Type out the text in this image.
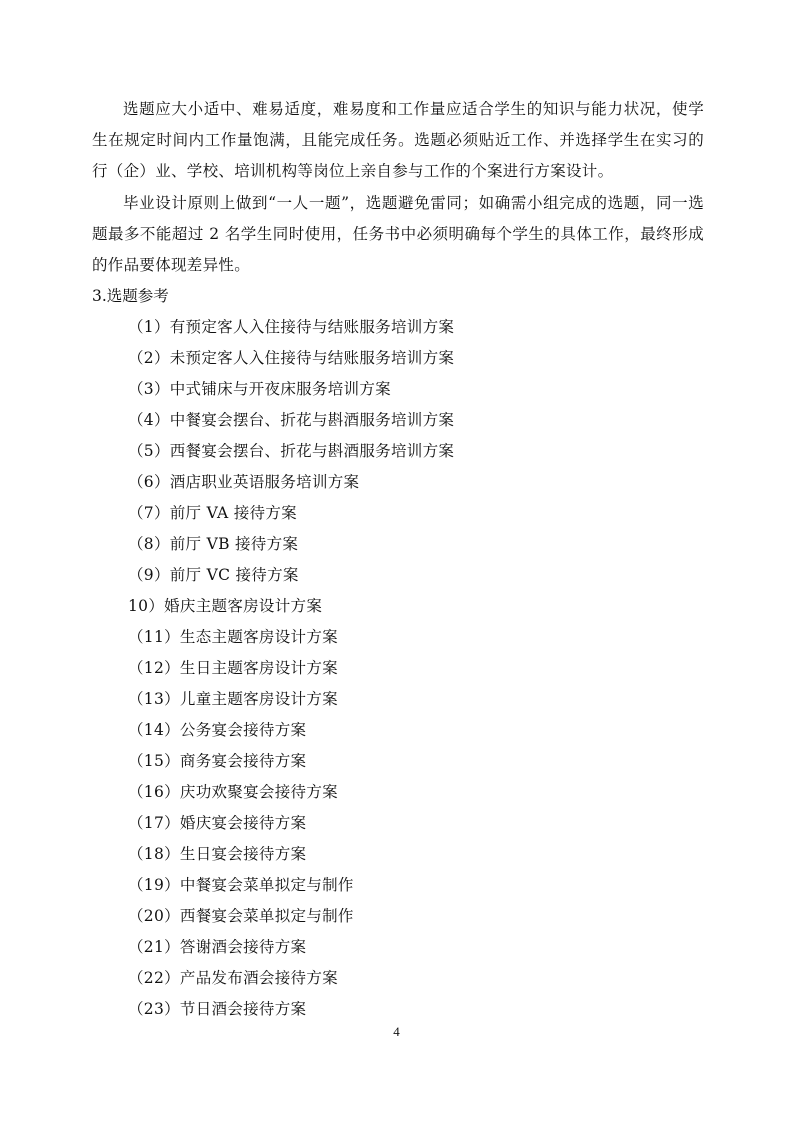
选题应大小适中、难易适度，难易度和工作量应适合学生的知识与能力状况，使学生在规定时间内工作量饱满，且能完成任务。选题必须贴近工作、并选择学生在实习的行（企）业、学校、培训机构等岗位上亲自参与工作的个案进行方案设计。

毕业设计原则上做到“一人一题”，选题避免雷同；如确需小组完成的选题，同一选题最多不能超过 2 名学生同时使用，任务书中必须明确每个学生的具体工作，最终形成的作品要体现差异性。

3.选题参考

（1）有预定客人入住接待与结账服务培训方案
（2）未预定客人入住接待与结账服务培训方案
（3）中式铺床与开夜床服务培训方案
（4）中餐宴会摆台、折花与斟酒服务培训方案
（5）西餐宴会摆台、折花与斟酒服务培训方案
（6）酒店职业英语服务培训方案
（7）前厅 VA 接待方案
（8）前厅 VB 接待方案
（9）前厅 VC 接待方案
10）婚庆主题客房设计方案
（11）生态主题客房设计方案
（12）生日主题客房设计方案
（13）儿童主题客房设计方案
（14）公务宴会接待方案
（15）商务宴会接待方案
（16）庆功欢聚宴会接待方案
（17）婚庆宴会接待方案
（18）生日宴会接待方案
（19）中餐宴会菜单拟定与制作
（20）西餐宴会菜单拟定与制作
（21）答谢酒会接待方案
（22）产品发布酒会接待方案
（23）节日酒会接待方案
4
